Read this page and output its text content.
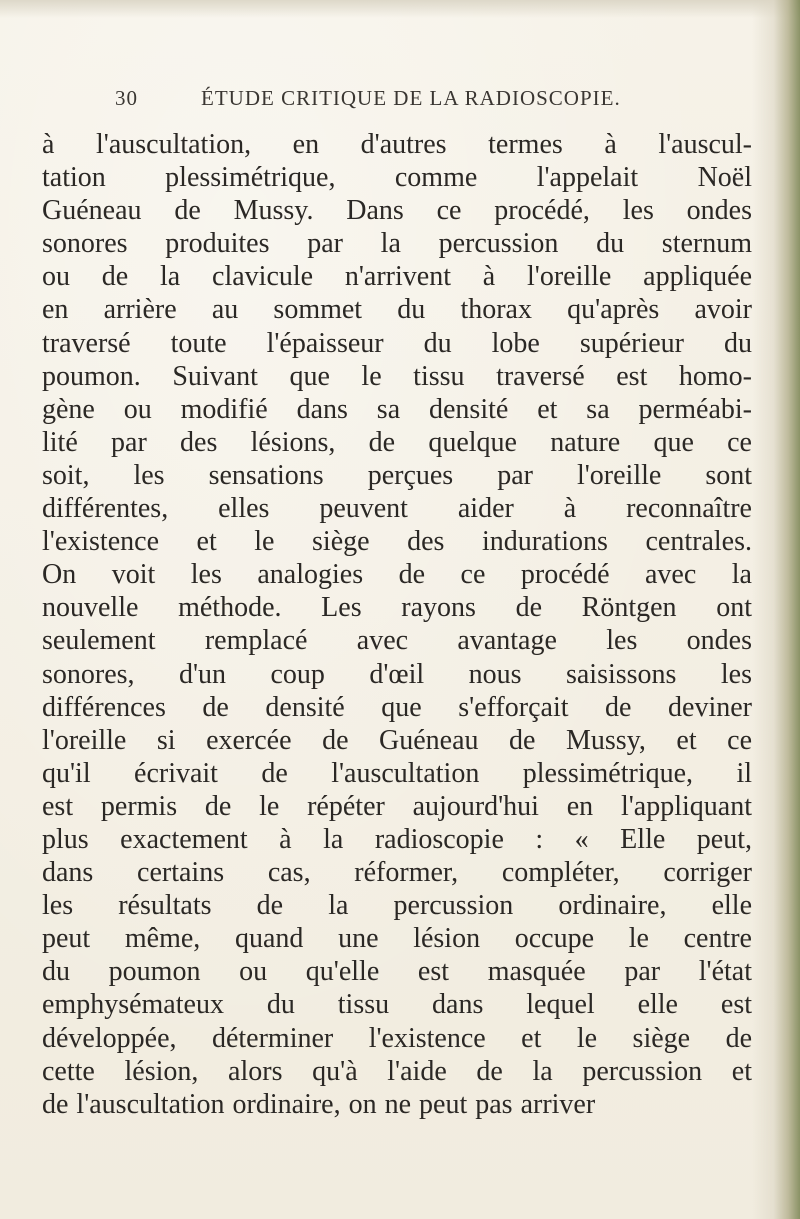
30	ÉTUDE CRITIQUE DE LA RADIOSCOPIE.
à l'auscultation, en d'autres termes à l'auscul-
tation plessimétrique, comme l'appelait Noël
Guéneau de Mussy. Dans ce procédé, les ondes
sonores produites par la percussion du sternum
ou de la clavicule n'arrivent à l'oreille appliquée
en arrière au sommet du thorax qu'après avoir
traversé toute l'épaisseur du lobe supérieur du
poumon. Suivant que le tissu traversé est homo-
gène ou modifié dans sa densité et sa perméabi-
lité par des lésions, de quelque nature que ce
soit, les sensations perçues par l'oreille sont
différentes, elles peuvent aider à reconnaître
l'existence et le siège des indurations centrales.
On voit les analogies de ce procédé avec la
nouvelle méthode. Les rayons de Röntgen ont
seulement remplacé avec avantage les ondes
sonores, d'un coup d'œil nous saisissons les
différences de densité que s'efforçait de deviner
l'oreille si exercée de Guéneau de Mussy, et ce
qu'il écrivait de l'auscultation plessimétrique, il
est permis de le répéter aujourd'hui en l'appliquant
plus exactement à la radioscopie : « Elle peut,
dans certains cas, réformer, compléter, corriger
les résultats de la percussion ordinaire, elle
peut même, quand une lésion occupe le centre
du poumon ou qu'elle est masquée par l'état
emphysémateux du tissu dans lequel elle est
développée, déterminer l'existence et le siège de
cette lésion, alors qu'à l'aide de la percussion et
de l'auscultation ordinaire, on ne peut pas arriver
